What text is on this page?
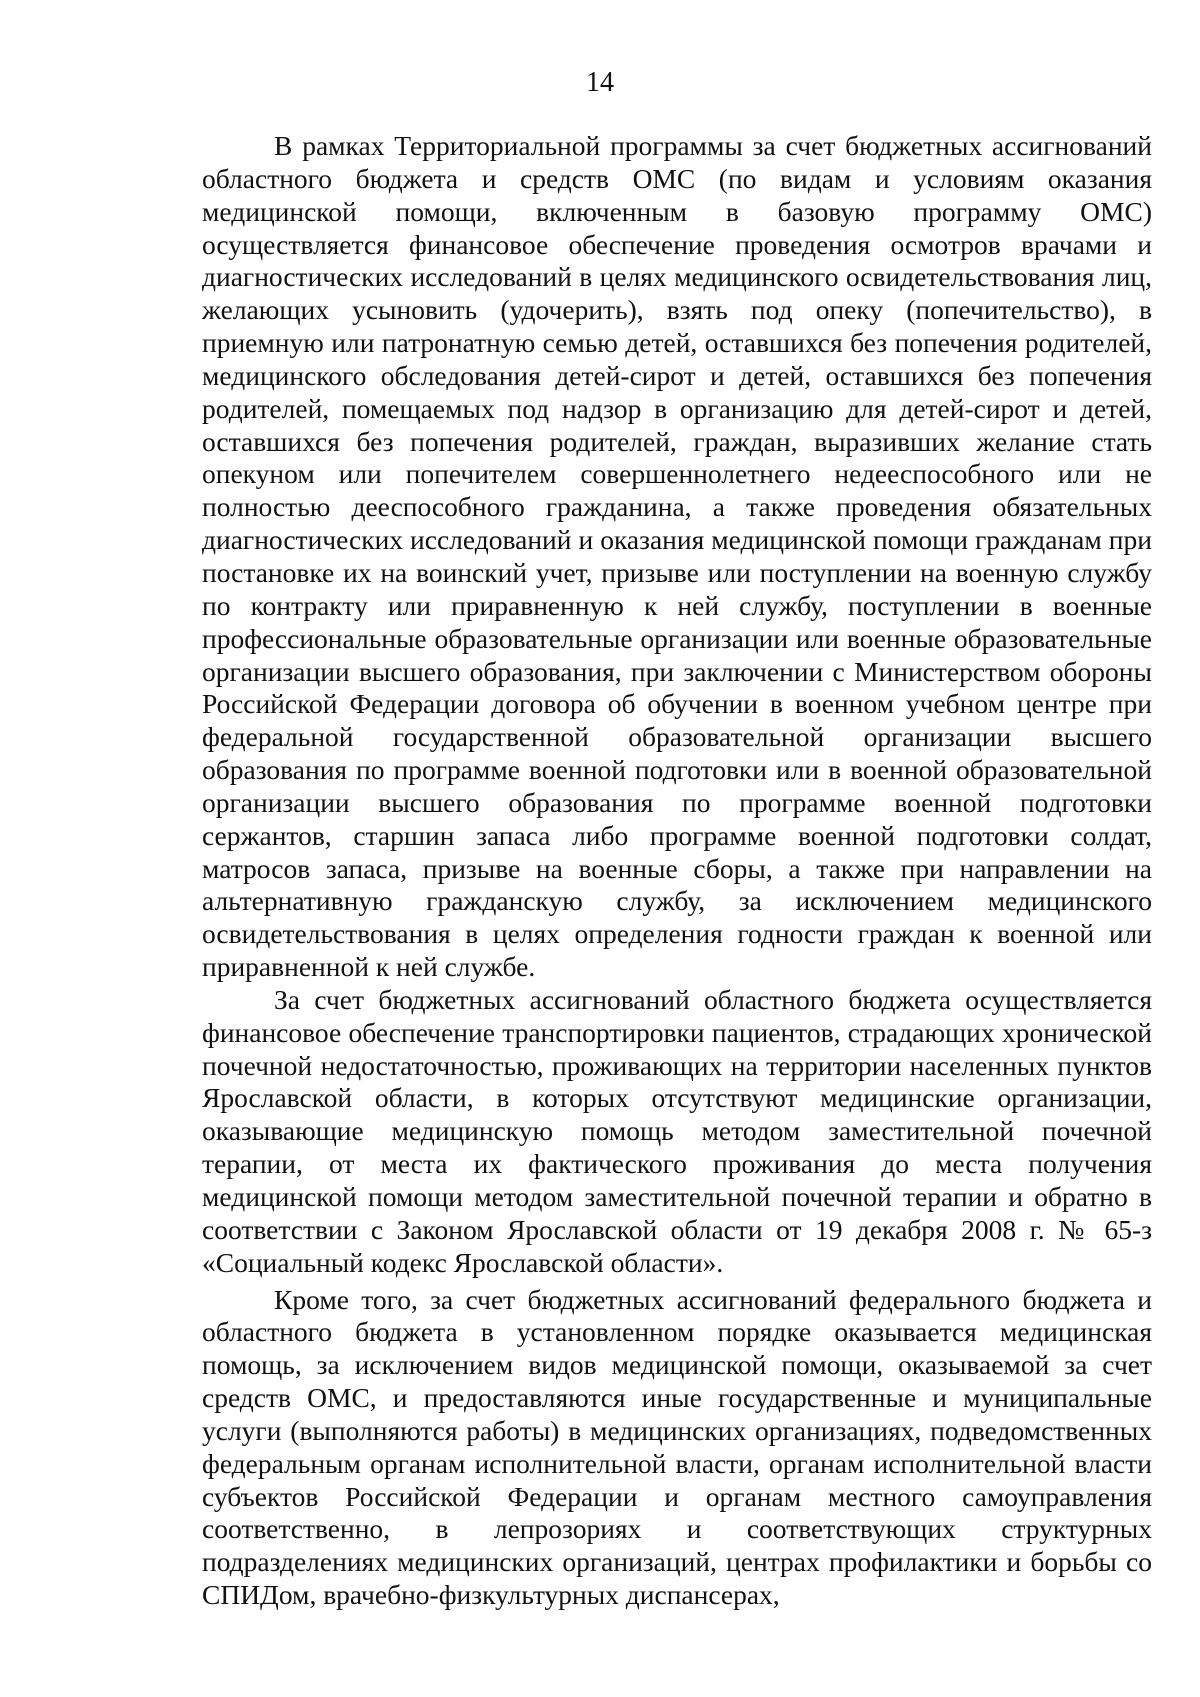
14

В рамках Территориальной программы за счет бюджетных ассигнований областного бюджета и средств ОМС (по видам и условиям оказания медицинской помощи, включенным в базовую программу ОМС) осуществляется финансовое обеспечение проведения осмотров врачами и диагностических исследований в целях медицинского освидетельствования лиц, желающих усыновить (удочерить), взять под опеку (попечительство), в приемную или патронатную семью детей, оставшихся без попечения родителей, медицинского обследования детей-сирот и детей, оставшихся без попечения родителей, помещаемых под надзор в организацию для детей-сирот и детей, оставшихся без попечения родителей, граждан, выразивших желание стать опекуном или попечителем совершеннолетнего недееспособного или не полностью дееспособного гражданина, а также проведения обязательных диагностических исследований и оказания медицинской помощи гражданам при постановке их на воинский учет, призыве или поступлении на военную службу по контракту или приравненную к ней службу, поступлении в военные профессиональные образовательные организации или военные образовательные организации высшего образования, при заключении с Министерством обороны Российской Федерации договора об обучении в военном учебном центре при федеральной государственной образовательной организации высшего образования по программе военной подготовки или в военной образовательной организации высшего образования по программе военной подготовки сержантов, старшин запаса либо программе военной подготовки солдат, матросов запаса, призыве на военные сборы, а также при направлении на альтернативную гражданскую службу, за исключением медицинского освидетельствования в целях определения годности граждан к военной или приравненной к ней службе.

За счет бюджетных ассигнований областного бюджета осуществляется финансовое обеспечение транспортировки пациентов, страдающих хронической почечной недостаточностью, проживающих на территории населенных пунктов Ярославской области, в которых отсутствуют медицинские организации, оказывающие медицинскую помощь методом заместительной почечной терапии, от места их фактического проживания до места получения медицинской помощи методом заместительной почечной терапии и обратно в соответствии с Законом Ярославской области от 19 декабря 2008 г. № 65-з «Социальный кодекс Ярославской области».

Кроме того, за счет бюджетных ассигнований федерального бюджета и областного бюджета в установленном порядке оказывается медицинская помощь, за исключением видов медицинской помощи, оказываемой за счет средств ОМС, и предоставляются иные государственные и муниципальные услуги (выполняются работы) в медицинских организациях, подведомственных федеральным органам исполнительной власти, органам исполнительной власти субъектов Российской Федерации и органам местного самоуправления соответственно, в лепрозориях и соответствующих структурных подразделениях медицинских организаций, центрах профилактики и борьбы со СПИДом, врачебно-физкультурных диспансерах,
